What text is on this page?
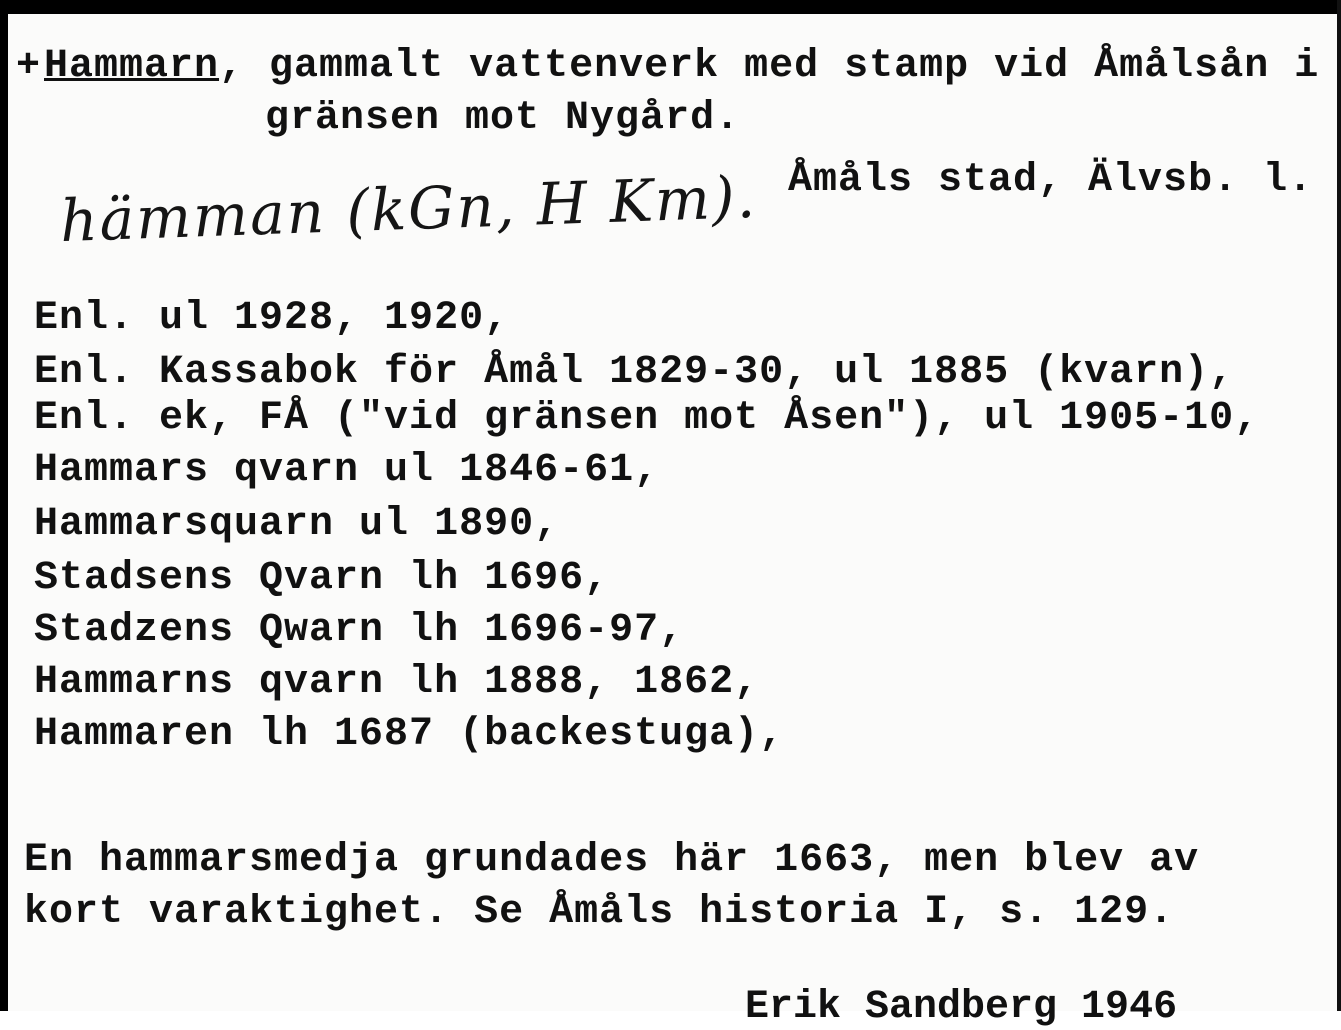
+ Hammarn, gammalt vattenverk med stamp vid Åmålsån i
gränsen mot Nygård.
Åmåls stad, Älvsb. l.
hämman (kGn, H Km).
Enl. ul 1928, 1920,
Enl. Kassabok för Åmål 1829-30, ul 1885 (kvarn),
Enl. ek, FÅ ("vid gränsen mot Åsen"), ul 1905-10,
Hammars qvarn ul 1846-61,
Hammarsquarn ul 1890,
Stadsens Qvarn lh 1696,
Stadzens Qwarn lh 1696-97,
Hammarns qvarn lh 1888, 1862,
Hammaren lh 1687 (backestuga),
En hammarsmedja grundades här 1663, men blev av
kort varaktighet. Se Åmåls historia I, s. 129.
Erik Sandberg 1946
